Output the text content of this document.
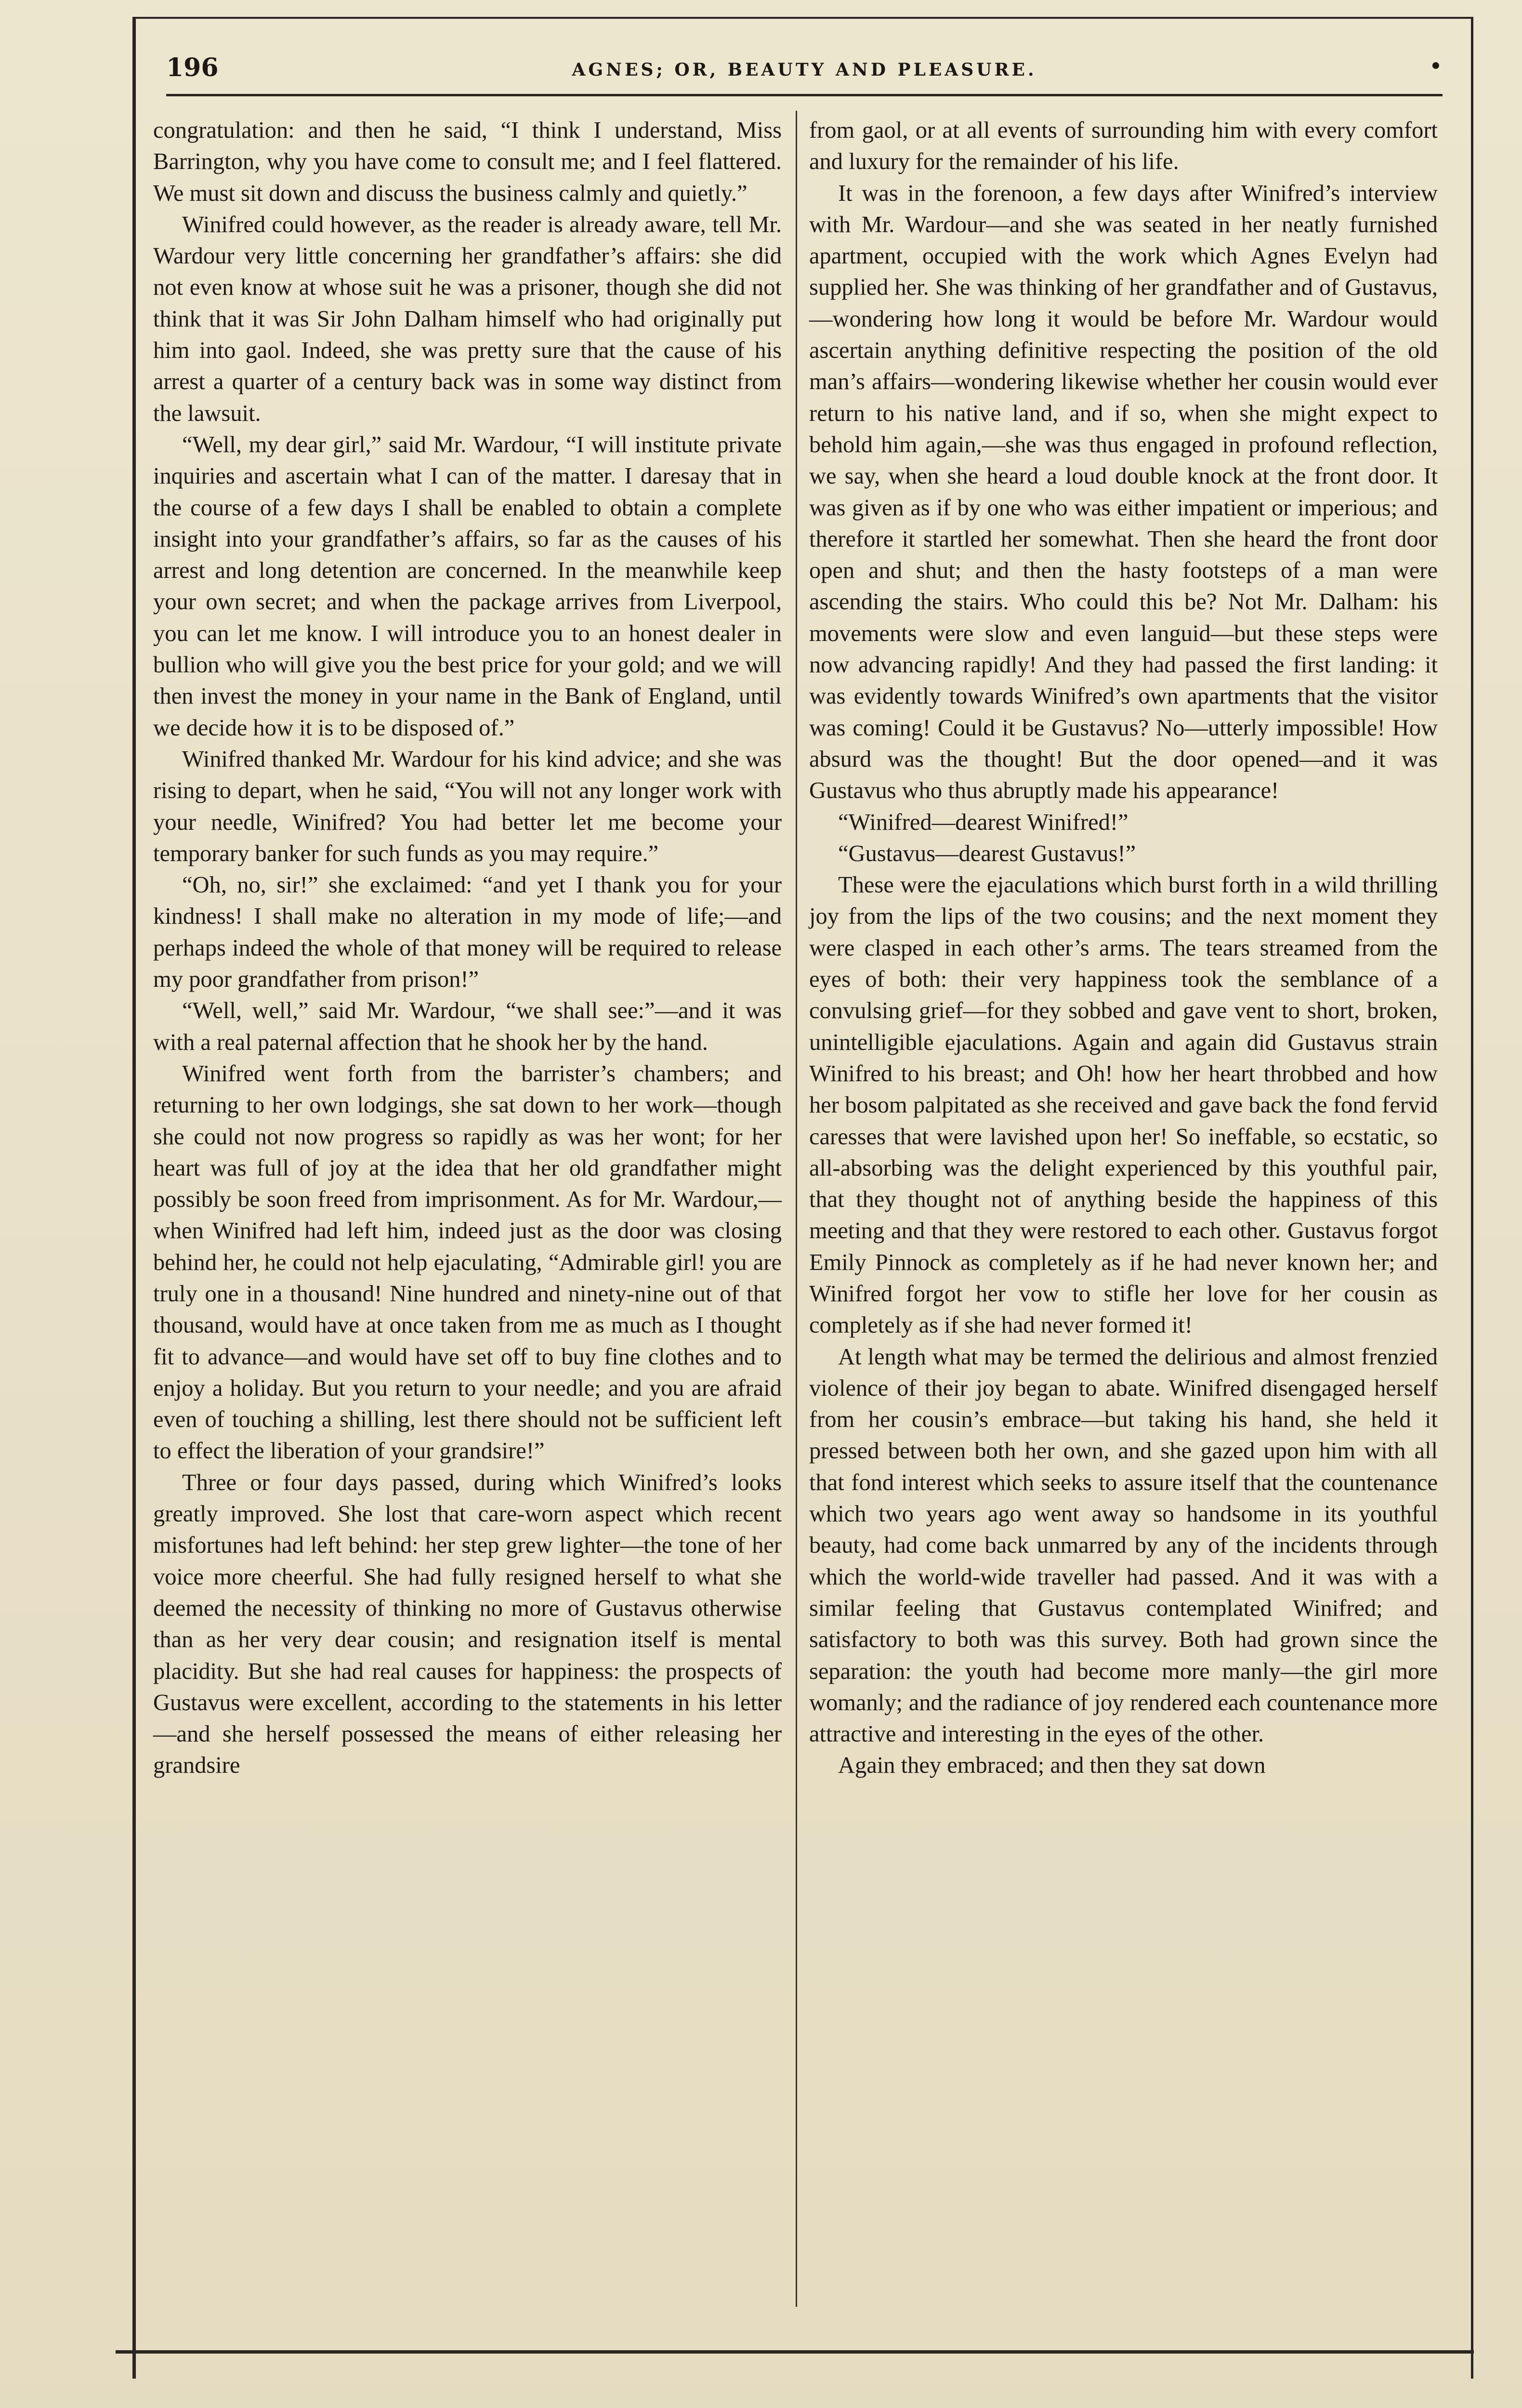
196	AGNES; OR, BEAUTY AND PLEASURE.	•

congratulation: and then he said, “I think I understand, Miss Barrington, why you have come to consult me; and I feel flattered. We must sit down and discuss the business calmly and quietly.”

Winifred could however, as the reader is already aware, tell Mr. Wardour very little concerning her grandfather’s affairs: she did not even know at whose suit he was a prisoner, though she did not think that it was Sir John Dalham himself who had originally put him into gaol. Indeed, she was pretty sure that the cause of his arrest a quarter of a century back was in some way distinct from the lawsuit.

“Well, my dear girl,” said Mr. Wardour, “I will institute private inquiries and ascertain what I can of the matter. I daresay that in the course of a few days I shall be enabled to obtain a complete insight into your grandfather’s affairs, so far as the causes of his arrest and long detention are concerned. In the meanwhile keep your own secret; and when the package arrives from Liverpool, you can let me know. I will introduce you to an honest dealer in bullion who will give you the best price for your gold; and we will then invest the money in your name in the Bank of England, until we decide how it is to be disposed of.”

Winifred thanked Mr. Wardour for his kind advice; and she was rising to depart, when he said, “You will not any longer work with your needle, Winifred? You had better let me become your temporary banker for such funds as you may require.”

“Oh, no, sir!” she exclaimed: “and yet I thank you for your kindness! I shall make no alteration in my mode of life;—and perhaps indeed the whole of that money will be required to release my poor grandfather from prison!”

“Well, well,” said Mr. Wardour, “we shall see:”—and it was with a real paternal affection that he shook her by the hand.

Winifred went forth from the barrister’s chambers; and returning to her own lodgings, she sat down to her work—though she could not now progress so rapidly as was her wont; for her heart was full of joy at the idea that her old grandfather might possibly be soon freed from imprisonment. As for Mr. Wardour,—when Winifred had left him, indeed just as the door was closing behind her, he could not help ejaculating, “Admirable girl! you are truly one in a thousand! Nine hundred and ninety-nine out of that thousand, would have at once taken from me as much as I thought fit to advance—and would have set off to buy fine clothes and to enjoy a holiday. But you return to your needle; and you are afraid even of touching a shilling, lest there should not be sufficient left to effect the liberation of your grandsire!”

Three or four days passed, during which Winifred’s looks greatly improved. She lost that care-worn aspect which recent misfortunes had left behind: her step grew lighter—the tone of her voice more cheerful. She had fully resigned herself to what she deemed the necessity of thinking no more of Gustavus otherwise than as her very dear cousin; and resignation itself is mental placidity. But she had real causes for happiness: the prospects of Gustavus were excellent, according to the statements in his letter—and she herself possessed the means of either releasing her grandsire

from gaol, or at all events of surrounding him with every comfort and luxury for the remainder of his life.

It was in the forenoon, a few days after Winifred’s interview with Mr. Wardour—and she was seated in her neatly furnished apartment, occupied with the work which Agnes Evelyn had supplied her. She was thinking of her grandfather and of Gustavus,—wondering how long it would be before Mr. Wardour would ascertain anything definitive respecting the position of the old man’s affairs—wondering likewise whether her cousin would ever return to his native land, and if so, when she might expect to behold him again,—she was thus engaged in profound reflection, we say, when she heard a loud double knock at the front door. It was given as if by one who was either impatient or imperious; and therefore it startled her somewhat. Then she heard the front door open and shut; and then the hasty footsteps of a man were ascending the stairs. Who could this be? Not Mr. Dalham: his movements were slow and even languid—but these steps were now advancing rapidly! And they had passed the first landing: it was evidently towards Winifred’s own apartments that the visitor was coming! Could it be Gustavus? No—utterly impossible! How absurd was the thought! But the door opened—and it was Gustavus who thus abruptly made his appearance!

“Winifred—dearest Winifred!”

“Gustavus—dearest Gustavus!”

These were the ejaculations which burst forth in a wild thrilling joy from the lips of the two cousins; and the next moment they were clasped in each other’s arms. The tears streamed from the eyes of both: their very happiness took the semblance of a convulsing grief—for they sobbed and gave vent to short, broken, unintelligible ejaculations. Again and again did Gustavus strain Winifred to his breast; and Oh! how her heart throbbed and how her bosom palpitated as she received and gave back the fond fervid caresses that were lavished upon her! So ineffable, so ecstatic, so all-absorbing was the delight experienced by this youthful pair, that they thought not of anything beside the happiness of this meeting and that they were restored to each other. Gustavus forgot Emily Pinnock as completely as if he had never known her; and Winifred forgot her vow to stifle her love for her cousin as completely as if she had never formed it!

At length what may be termed the delirious and almost frenzied violence of their joy began to abate. Winifred disengaged herself from her cousin’s embrace—but taking his hand, she held it pressed between both her own, and she gazed upon him with all that fond interest which seeks to assure itself that the countenance which two years ago went away so handsome in its youthful beauty, had come back unmarred by any of the incidents through which the world-wide traveller had passed. And it was with a similar feeling that Gustavus contemplated Winifred; and satisfactory to both was this survey. Both had grown since the separation: the youth had become more manly—the girl more womanly; and the radiance of joy rendered each countenance more attractive and interesting in the eyes of the other.

Again they embraced; and then they sat down
